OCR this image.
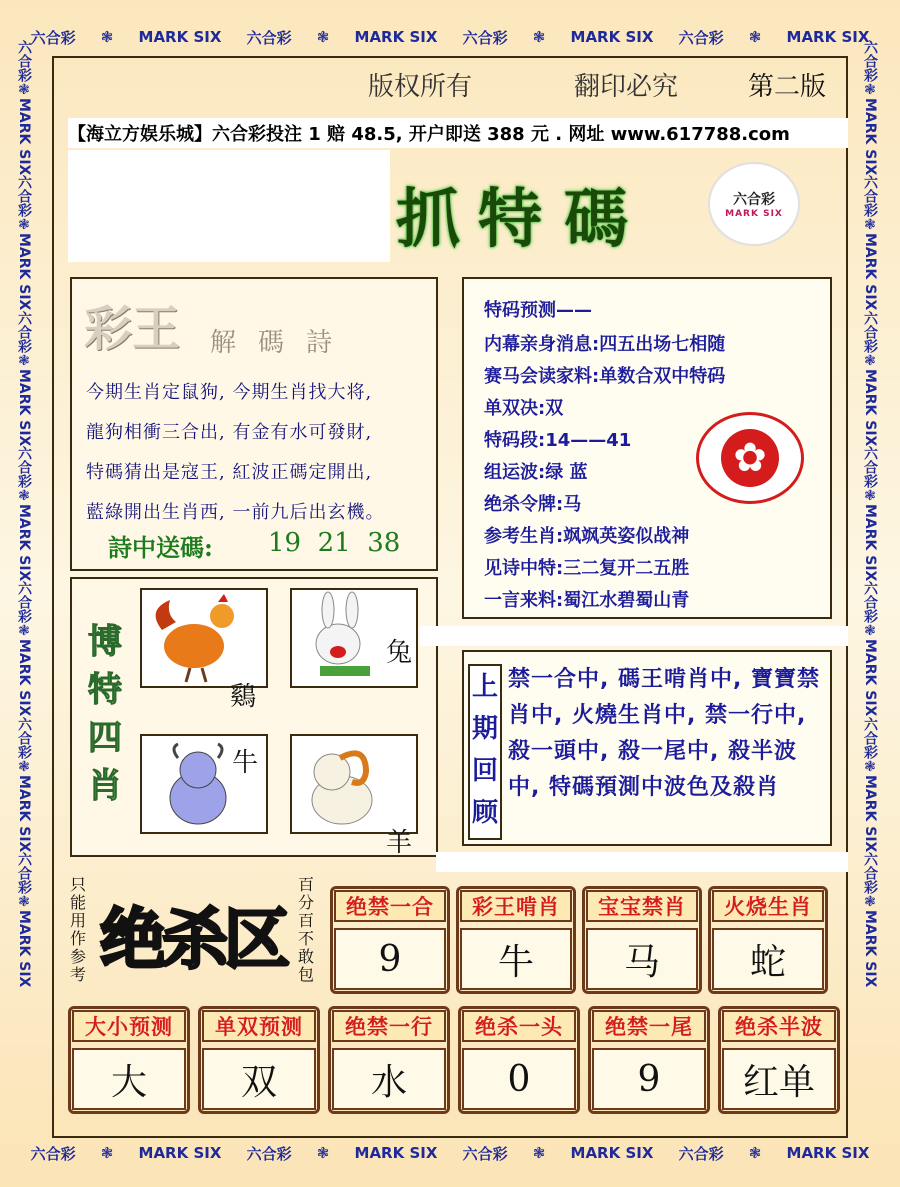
六合彩 ❃ MARK SIX 六合彩 ❃ MARK SIX 六合彩 ❃ MARK SIX 六合彩 ❃ MARK SIX
六合彩 ❃ MARK SIX 六合彩 ❃ MARK SIX 六合彩 ❃ MARK SIX 六合彩 ❃ MARK SIX
六合彩❃MARK SIX六合彩❃MARK SIX六合彩❃MARK SIX六合彩❃MARK SIX六合彩❃MARK SIX六合彩❃MARK SIX六合彩❃MARK SIX
六合彩❃MARK SIX六合彩❃MARK SIX六合彩❃MARK SIX六合彩❃MARK SIX六合彩❃MARK SIX六合彩❃MARK SIX六合彩❃MARK SIX
版权所有	翻印必究	第二版
【海立方娱乐城】六合彩投注 1 赔 48.5, 开户即送 388 元 . 网址 www.617788.com
抓 特 碼	六合彩
MARK SIX
彩王 解碼詩
今期生肖定鼠狗, 今期生肖找大将,
龍狗相衝三合出, 有金有水可發財,
特碼猜出是寇王, 紅波正碼定開出,
藍綠開出生肖西, 一前九后出玄機。
詩中送碼: 19  21  38
特码预测——
内幕亲身消息:四五出场七相随
赛马会读家料:单数合双中特码
单双决:双
特码段:14——41
组运波:绿 蓝
绝杀令牌:马
参考生肖:飒飒英姿似战神
见诗中特:三二复开二五胜
一言来料:蜀江水碧蜀山青
✿
博
特
四
肖
鷄
兔
牛
羊
上
期
回
顾
禁一合中, 碼王啃肖中, 寶寶禁肖中, 火燒生肖中, 禁一行中, 殺一頭中, 殺一尾中, 殺半波中, 特碼預測中波色及殺肖
只能用作参考 绝杀区
百分百不敢包
绝禁一合
9
彩王啃肖
牛
宝宝禁肖
马
火烧生肖
蛇
大小预测
大
单双预测
双
绝禁一行
水
绝杀一头
0
绝禁一尾
9
绝杀半波
红单
